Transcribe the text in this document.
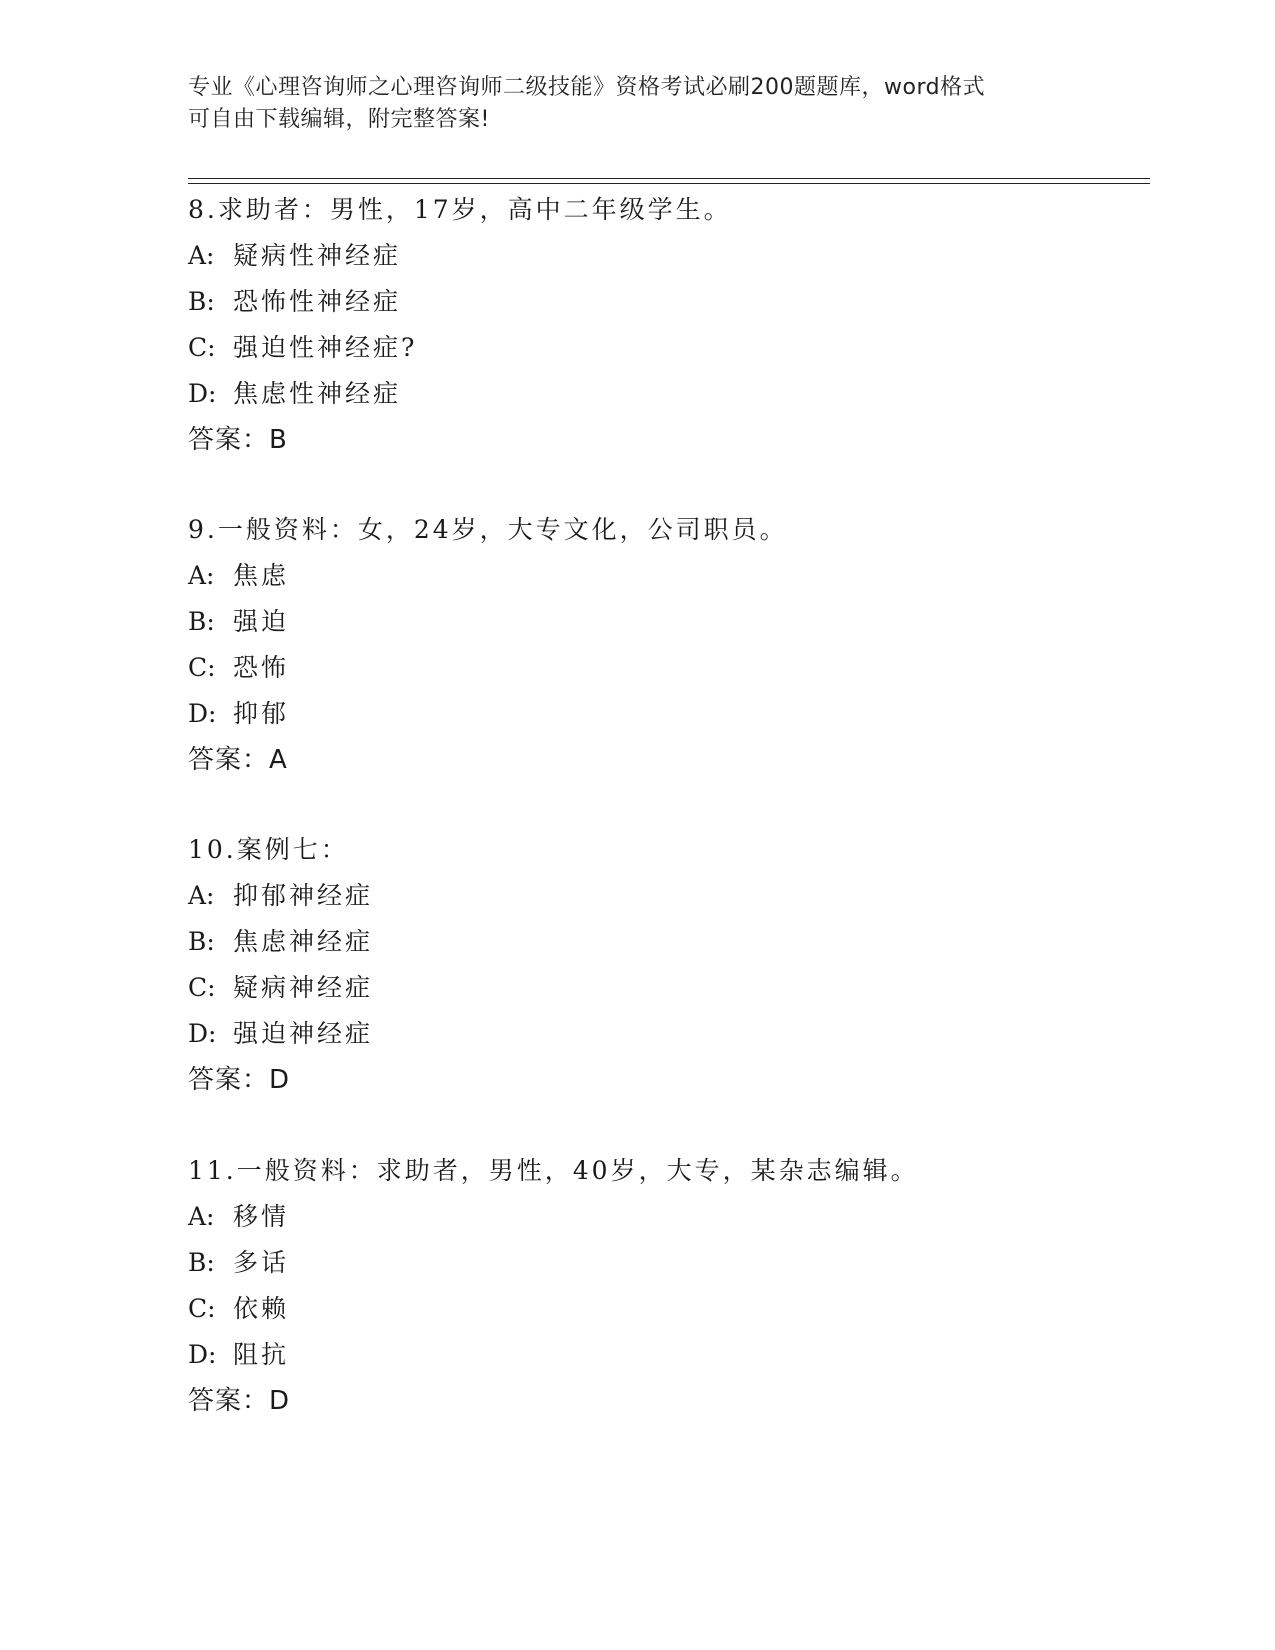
专业《心理咨询师之心理咨询师二级技能》资格考试必刷200题题库，word格式
可自由下载编辑，附完整答案!
8.求助者：男性，17岁，高中二年级学生。
A: 疑病性神经症
B: 恐怖性神经症
C: 强迫性神经症?
D: 焦虑性神经症
答案：B
9.一般资料：女，24岁，大专文化，公司职员。
A: 焦虑
B: 强迫
C: 恐怖
D: 抑郁
答案：A
10.案例七：
A: 抑郁神经症
B: 焦虑神经症
C: 疑病神经症
D: 强迫神经症
答案：D
11.一般资料：求助者，男性，40岁，大专，某杂志编辑。
A: 移情
B: 多话
C: 依赖
D: 阻抗
答案：D
